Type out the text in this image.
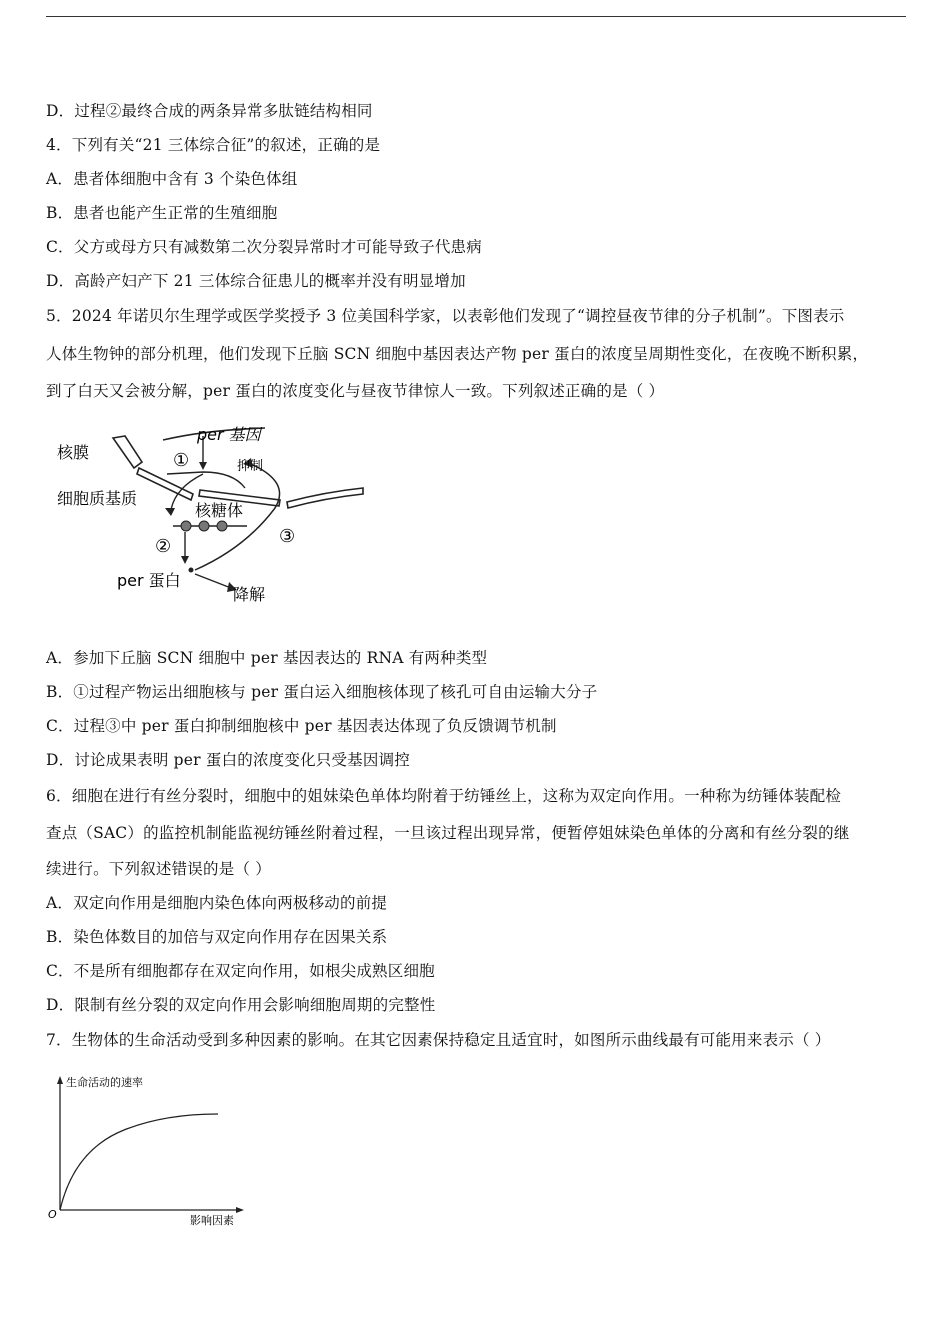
D．过程②最终合成的两条异常多肽链结构相同
4．下列有关“21 三体综合征”的叙述，正确的是
A．患者体细胞中含有 3 个染色体组
B．患者也能产生正常的生殖细胞
C．父方或母方只有减数第二次分裂异常时才可能导致子代患病
D．高龄产妇产下 21 三体综合征患儿的概率并没有明显增加
5．2024 年诺贝尔生理学或医学奖授予 3 位美国科学家，以表彰他们发现了“调控昼夜节律的分子机制”。下图表示
人体生物钟的部分机理，他们发现下丘脑 SCN 细胞中基因表达产物 per 蛋白的浓度呈周期性变化，在夜晚不断积累，
到了白天又会被分解，per 蛋白的浓度变化与昼夜节律惊人一致。下列叙述正确的是（ ）
per 基因
核膜
细胞质基质
核糖体
抑制
①
②	③
per 蛋白
降解
A．参加下丘脑 SCN 细胞中 per 基因表达的 RNA 有两种类型
B．①过程产物运出细胞核与 per 蛋白运入细胞核体现了核孔可自由运输大分子
C．过程③中 per 蛋白抑制细胞核中 per 基因表达体现了负反馈调节机制
D．讨论成果表明 per 蛋白的浓度变化只受基因调控
6．细胞在进行有丝分裂时，细胞中的姐妹染色单体均附着于纺锤丝上，这称为双定向作用。一种称为纺锤体装配检
查点（SAC）的监控机制能监视纺锤丝附着过程，一旦该过程出现异常，便暂停姐妹染色单体的分离和有丝分裂的继
续进行。下列叙述错误的是（ ）
A．双定向作用是细胞内染色体向两极移动的前提
B．染色体数目的加倍与双定向作用存在因果关系
C．不是所有细胞都存在双定向作用，如根尖成熟区细胞
D．限制有丝分裂的双定向作用会影响细胞周期的完整性
7．生物体的生命活动受到多种因素的影响。在其它因素保持稳定且适宜时，如图所示曲线最有可能用来表示（ ）
生命活动的速率
影响因素
O
